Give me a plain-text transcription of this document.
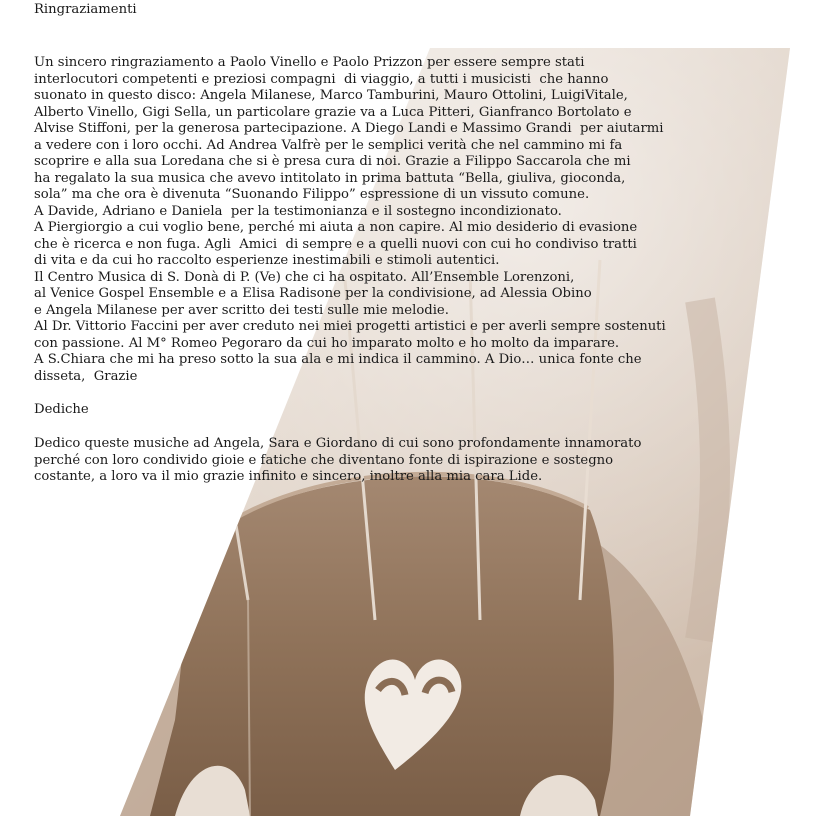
Ringraziamenti
Un sincero ringraziamento a Paolo Vinello e Paolo Prizzon per essere sempre stati
interlocutori competenti e preziosi compagni  di viaggio, a tutti i musicisti  che hanno
suonato in questo disco: Angela Milanese, Marco Tamburini, Mauro Ottolini, LuigiVitale,
Alberto Vinello, Gigi Sella, un particolare grazie va a Luca Pitteri, Gianfranco Bortolato e
Alvise Stiffoni, per la generosa partecipazione. A Diego Landi e Massimo Grandi  per aiutarmi
a vedere con i loro occhi. Ad Andrea Valfrè per le semplici verità che nel cammino mi fa
scoprire e alla sua Loredana che si è presa cura di noi. Grazie a Filippo Saccarola che mi
ha regalato la sua musica che avevo intitolato in prima battuta “Bella, giuliva, gioconda,
sola” ma che ora è divenuta “Suonando Filippo” espressione di un vissuto comune.
A Davide, Adriano e Daniela  per la testimonianza e il sostegno incondizionato.
A Piergiorgio a cui voglio bene, perché mi aiuta a non capire. Al mio desiderio di evasione
che è ricerca e non fuga. Agli  Amici  di sempre e a quelli nuovi con cui ho condiviso tratti
di vita e da cui ho raccolto esperienze inestimabili e stimoli autentici.
Il Centro Musica di S. Donà di P. (Ve) che ci ha ospitato. All’Ensemble Lorenzoni,
al Venice Gospel Ensemble e a Elisa Radisone per la condivisione, ad Alessia Obino
e Angela Milanese per aver scritto dei testi sulle mie melodie.
Al Dr. Vittorio Faccini per aver creduto nei miei progetti artistici e per averli sempre sostenuti
con passione. Al M° Romeo Pegoraro da cui ho imparato molto e ho molto da imparare.
A S.Chiara che mi ha preso sotto la sua ala e mi indica il cammino. A Dio… unica fonte che
disseta,  Grazie
Dediche
Dedico queste musiche ad Angela, Sara e Giordano di cui sono profondamente innamorato
perché con loro condivido gioie e fatiche che diventano fonte di ispirazione e sostegno
costante, a loro va il mio grazie infinito e sincero, inoltre alla mia cara Lide.
